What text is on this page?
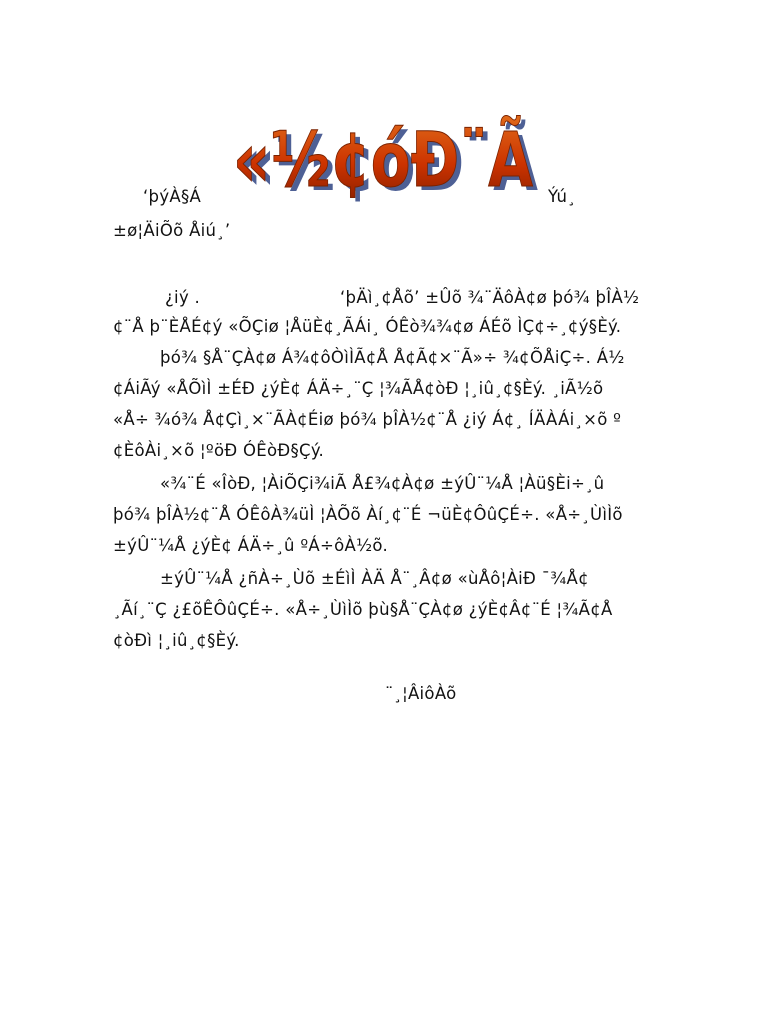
«½¢óÐ¨Ã
«½¢óÐ¨Ã
‘þýÀ§Á	Ýú¸
±ø¦ÄiÕõ Åiú¸’
¿iý .	‘þÄì¸¢Åõ’ ±Ûõ ¾¨ÄôÀ¢ø þó¾ þÎÀ½
¢¨Å þ¨ÈÅÉ¢ý «ÕÇiø ¦ÅüÈ¢¸ÃÁi¸ ÓÊò¾¾¢ø ÁÉõ ÌÇ¢÷¸¢ý§Èý.
þó¾ §Å¨ÇÀ¢ø Á¾¢ôÒìÌÃ¢Å Å¢Ã¢×¨Ã»÷ ¾¢ÕÅiÇ÷. Á½
¢ÁiÃý «ÅÕìÌ ±ÉÐ ¿ýÈ¢ ÁÄ÷¸¨Ç ¦¾ÃÅ¢òÐ ¦¸iû¸¢§Èý. ¸iÃ½õ
«Å÷ ¾ó¾ Å¢Çì¸×¨ÃÀ¢Éiø þó¾ þÎÀ½¢¨Å ¿iý Á¢¸ ÍÄÀÁi¸×õ º
¢ÈôÀi¸×õ ¦ºöÐ ÓÊòÐ§Çý.
«¾¨É «ÎòÐ, ¦ÀiÕÇi¾iÃ Å£¾¢À¢ø ±ýÛ¨¼Å ¦Àü§Èi÷¸û
þó¾ þÎÀ½¢¨Å ÓÊôÀ¾üÌ ¦ÀÕõ Àí¸¢¨É ¬üÈ¢ÔûÇÉ÷. «Å÷¸ÙìÌõ
±ýÛ¨¼Å ¿ýÈ¢ ÁÄ÷¸û ºÁ÷ôÀ½õ.
±ýÛ¨¼Å ¿ñÀ÷¸Ùõ ±ÉìÌ ÀÄ Å¨¸Â¢ø «ùÅô¦ÀiÐ ¯¾Å¢
¸Ãí¸¨Ç ¿£õÊÔûÇÉ÷. «Å÷¸ÙìÌõ þù§Å¨ÇÀ¢ø ¿ýÈ¢Â¢¨É ¦¾Ã¢Å
¢òÐì ¦¸iû¸¢§Èý.
¨¸¦ÂiôÀõ
